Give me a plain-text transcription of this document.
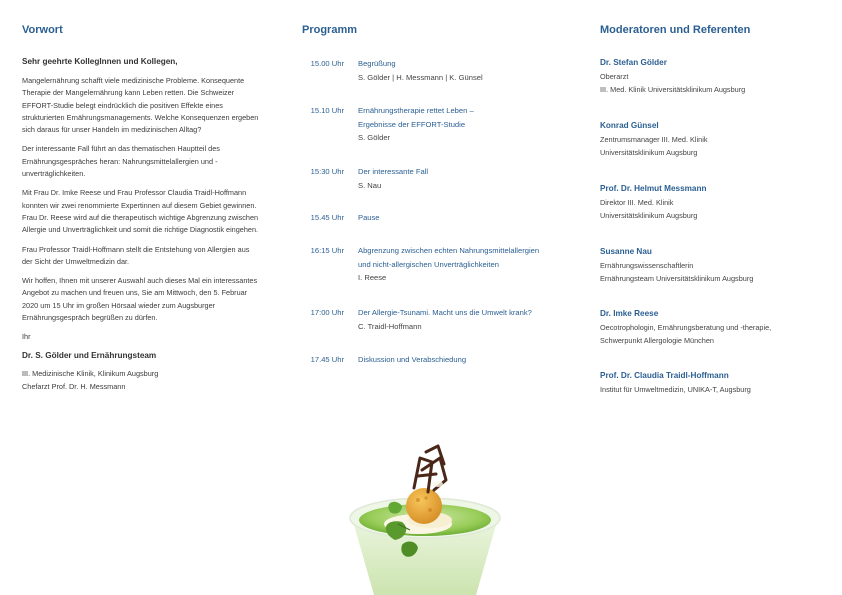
Vorwort
Sehr geehrte KollegInnen und Kollegen,

Mangelernährung schafft viele medizinische Probleme. Konsequente Therapie der Mangelernährung kann Leben retten. Die Schweizer EFFORT-Studie belegt eindrücklich die positiven Effekte eines strukturierten Ernährungsmanagements. Welche Konsequenzen ergeben sich daraus für unser Handeln im medizinischen Alltag?

Der interessante Fall führt an das thematischen Hauptteil des Ernährungsgespräches heran: Nahrungsmittelallergien und -unverträglichkeiten.

Mit Frau Dr. Imke Reese und Frau Professor Claudia Traidl-Hoffmann konnten wir zwei renommierte Expertinnen auf diesem Gebiet gewinnen. Frau Dr. Reese wird auf die therapeutisch wichtige Abgrenzung zwischen Allergie und Unverträglichkeit und somit die richtige Diagnostik eingehen.

Frau Professor Traidl-Hoffmann stellt die Entstehung von Allergien aus der Sicht der Umweltmedizin dar.

Wir hoffen, Ihnen mit unserer Auswahl auch dieses Mal ein interessantes Angebot zu machen und freuen uns, Sie am Mittwoch, den 5. Februar 2020 um 15 Uhr im großen Hörsaal wieder zum Augsburger Ernährungsgespräch begrüßen zu dürfen.

Ihr
Dr. S. Gölder und Ernährungsteam

III. Medizinische Klinik, Klinikum Augsburg

Chefarzt Prof. Dr. H. Messmann

Programm
15.00 Uhr Begrüßung
S. Gölder | H. Messmann | K. Günsel
15.10 Uhr Ernährungstherapie rettet Leben –
Ergebnisse der EFFORT-Studie
S. Gölder
15:30 Uhr Der interessante Fall
S. Nau
15.45 Uhr Pause
16:15 Uhr Abgrenzung zwischen echten Nahrungsmittelallergien
und nicht-allergischen Unverträglichkeiten
I. Reese
17:00 Uhr Der Allergie-Tsunami. Macht uns die Umwelt krank?
C. Traidl-Hoffmann
17.45 Uhr Diskussion und Verabschiedung
Moderatoren und Referenten
Dr. Stefan Gölder
Oberarzt
III. Med. Klinik Universitätsklinikum Augsburg
Konrad Günsel
Zentrumsmanager III. Med. Klinik
Universitätsklinikum Augsburg
Prof. Dr. Helmut Messmann
Direktor III. Med. Klinik
Universitätsklinikum Augsburg
Susanne Nau
Ernährungswissenschaftlerin
Ernährungsteam Universitätsklinikum Augsburg
Dr. Imke Reese
Oecotrophologin, Ernährungsberatung und -therapie,
Schwerpunkt Allergologie München
Prof. Dr. Claudia Traidl-Hoffmann
Institut für Umweltmedizin, UNIKA-T, Augsburg
